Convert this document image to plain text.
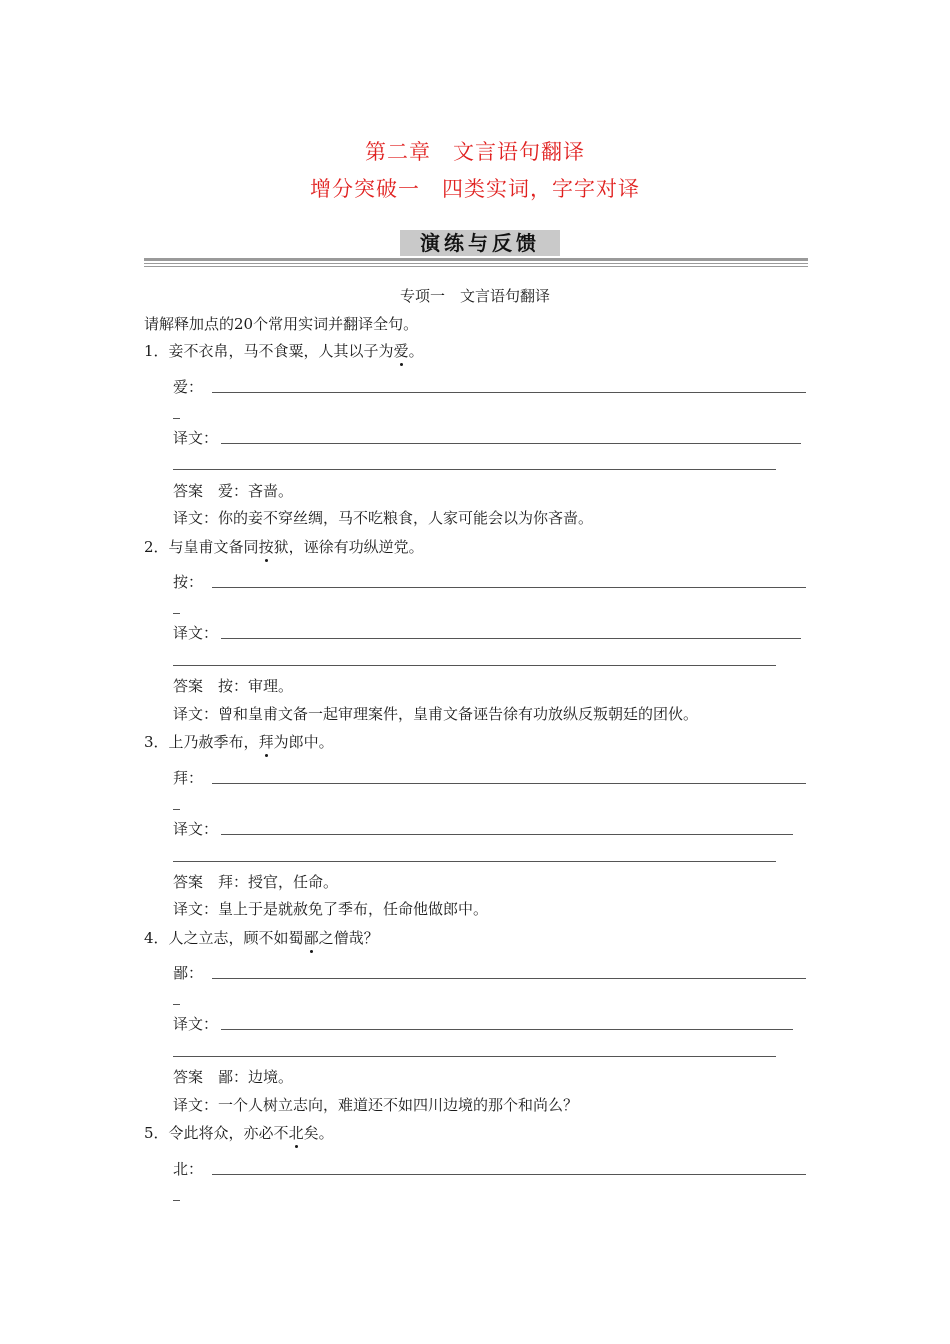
第二章　文言语句翻译
增分突破一　四类实词，字字对译
演练与反馈
专项一　文言语句翻译
请解释加点的20个常用实词并翻译全句。
1．妾不衣帛，马不食粟，人其以子为爱。
爱：
译文：
答案　 爱：吝啬。
译文：你的妾不穿丝绸，马不吃粮食，人家可能会以为你吝啬。
2．与皇甫文备同按狱，诬徐有功纵逆党。
按：
译文：
答案　 按：审理。
译文：曾和皇甫文备一起审理案件，皇甫文备诬告徐有功放纵反叛朝廷的团伙。
3．上乃赦季布，拜为郎中。
拜：
译文：
答案　 拜：授官，任命。
译文：皇上于是就赦免了季布，任命他做郎中。
4．人之立志，顾不如蜀鄙之僧哉？
鄙：
译文：
答案　 鄙：边境。
译文：一个人树立志向，难道还不如四川边境的那个和尚么？
5．令此将众，亦必不北矣。
北：
